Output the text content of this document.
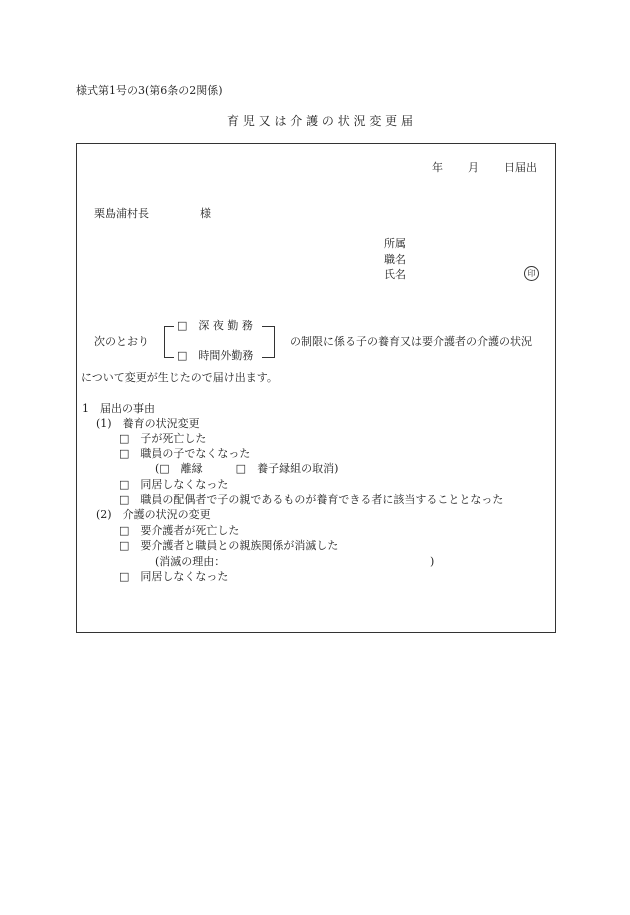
様式第1号の3(第6条の2関係)
育 児 又 は 介 護 の 状 況 変 更 届
年 月 日届出
栗島浦村長	様
所属
職名
氏名	印
次のとおり
□　深 夜 勤 務
□　時間外勤務
の制限に係る子の養育又は要介護者の介護の状況
について変更が生じたので届け出ます。
1　届出の事由
(1)　養育の状況変更
□　子が死亡した
□　職員の子でなくなった
(□　離縁　　　□　養子縁組の取消)
□　同居しなくなった
□　職員の配偶者で子の親であるものが養育できる者に該当することとなった
(2)　介護の状況の変更
□　要介護者が死亡した
□　要介護者と職員との親族関係が消滅した
(消滅の理由：	)
□　同居しなくなった
